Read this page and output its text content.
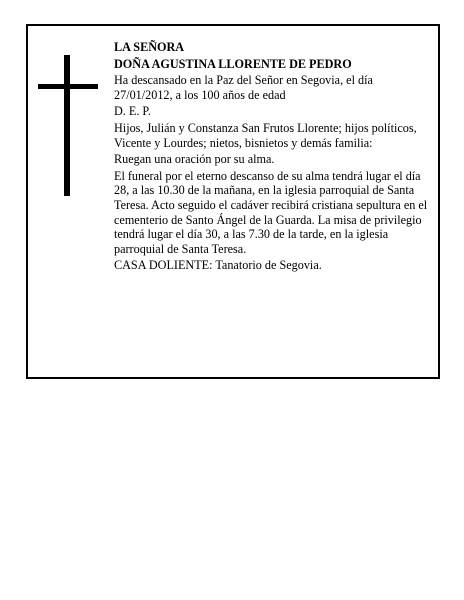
LA SEÑORA

DOÑA AGUSTINA LLORENTE DE PEDRO

Ha descansado en la Paz del Señor en Segovia, el día 27/01/2012, a los 100 años de edad

D. E. P.

Hijos, Julián y Constanza San Frutos Llorente; hijos políticos, Vicente y Lourdes; nietos, bisnietos y demás familia:

Ruegan una oración por su alma.

El funeral por el eterno descanso de su alma tendrá lugar el día 28, a las 10.30 de la mañana, en la iglesia parroquial de Santa Teresa. Acto seguido el cadáver recibirá cristiana sepultura en el cementerio de Santo Ángel de la Guarda. La misa de privilegio tendrá lugar el día 30, a las 7.30 de la tarde, en la iglesia parroquial de Santa Teresa.

CASA DOLIENTE: Tanatorio de Segovia.
